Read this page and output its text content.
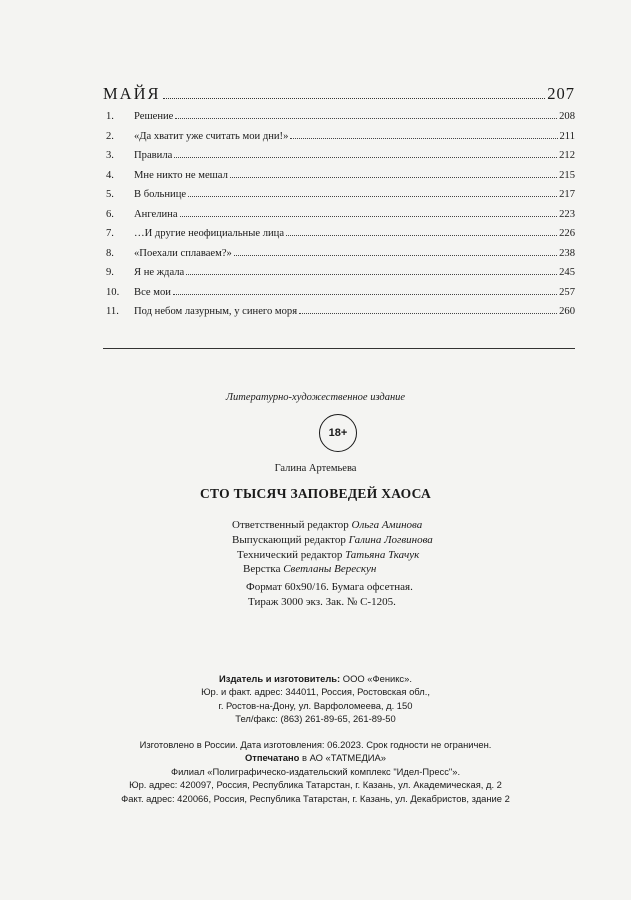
МАЙЯ	207
1.	Решение	208
2.	«Да хватит уже считать мои дни!»	211
3.	Правила	212
4.	Мне никто не мешал	215
5.	В больнице	217
6.	Ангелина	223
7.	…И другие неофициальные лица	226
8.	«Поехали сплаваем?»	238
9.	Я не ждала	245
10.	Все мои	257
11.	Под небом лазурным, у синего моря	260
Литературно-художественное издание
18+
Галина Артемьева
СТО ТЫСЯЧ ЗАПОВЕДЕЙ ХАОСА
Ответственный редактор Ольга Аминова
Выпускающий редактор Галина Логвинова
Технический редактор Татьяна Ткачук
Верстка Светланы Верескун
Формат 60х90/16. Бумага офсетная.
Тираж 3000 экз. Зак. № С-1205.
Издатель и изготовитель: ООО «Феникс».
Юр. и факт. адрес: 344011, Россия, Ростовская обл.,
г. Ростов-на-Дону, ул. Варфоломеева, д. 150
Тел/факс: (863) 261-89-65, 261-89-50
Изготовлено в России. Дата изготовления: 06.2023. Срок годности не ограничен.
Отпечатано в АО «ТАТМЕДИА»
Филиал «Полиграфическо-издательский комплекс "Идел-Пресс"».
Юр. адрес: 420097, Россия, Республика Татарстан, г. Казань, ул. Академическая, д. 2
Факт. адрес: 420066, Россия, Республика Татарстан, г. Казань, ул. Декабристов, здание 2
